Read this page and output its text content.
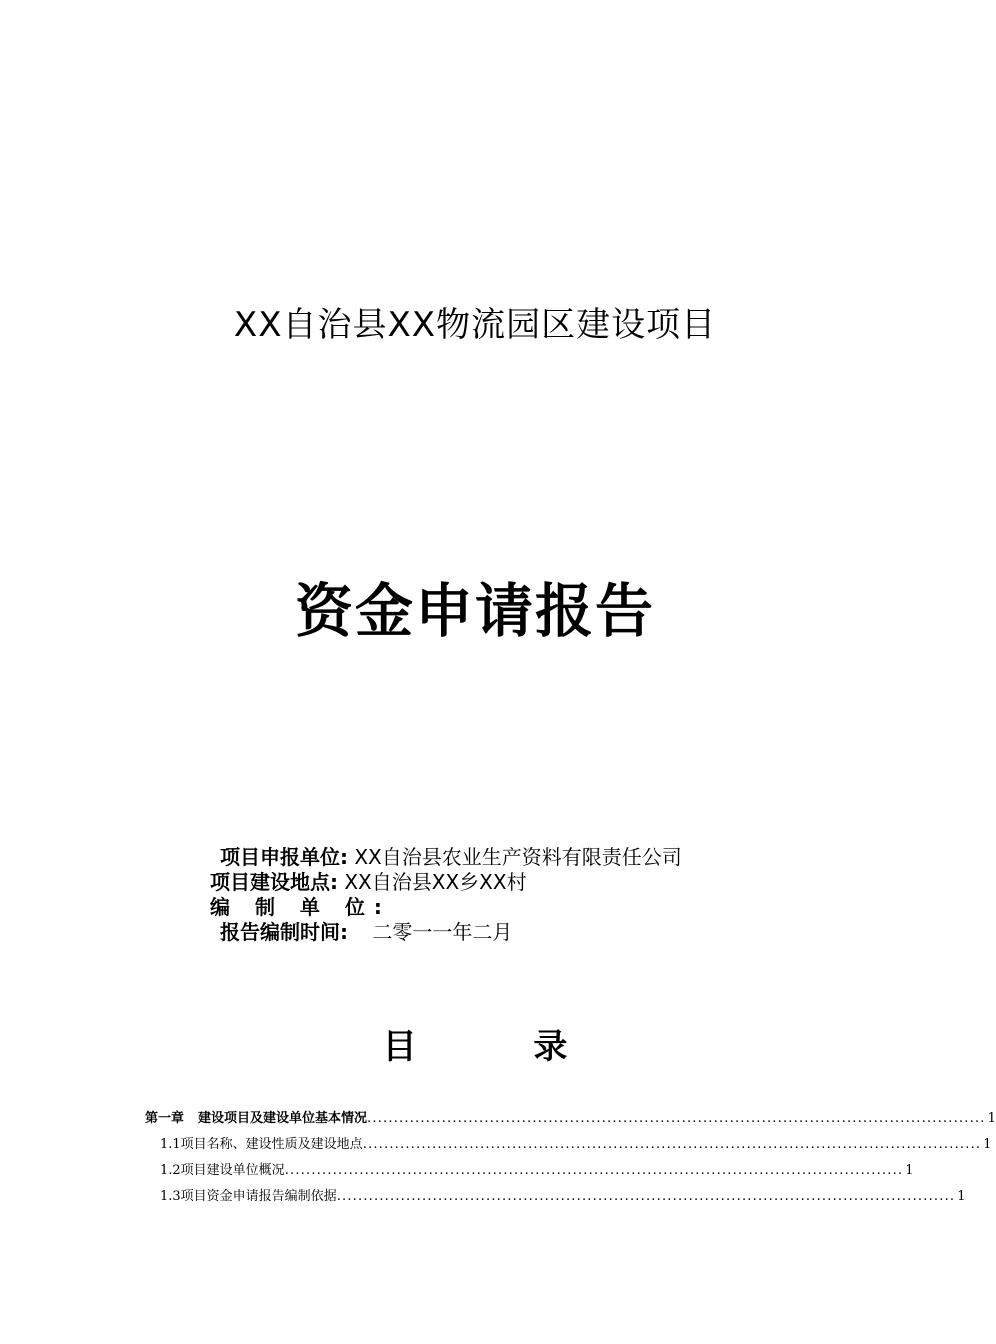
XX自治县XX物流园区建设项目
资金申请报告
项目申报单位: XX自治县农业生产资料有限责任公司
项目建设地点: XX自治县XX乡XX村
编 制 单 位:
报告编制时间: 二零一一年二月
目	录
第一章 建设项目及建设单位基本情况 .................................................................................................................... 1
1.1项目名称、建设性质及建设地点 .................................................................................................................... 1
1.2项目建设单位概况 .................................................................................................................... 1
1.3项目资金申请报告编制依据 .................................................................................................................... 1
